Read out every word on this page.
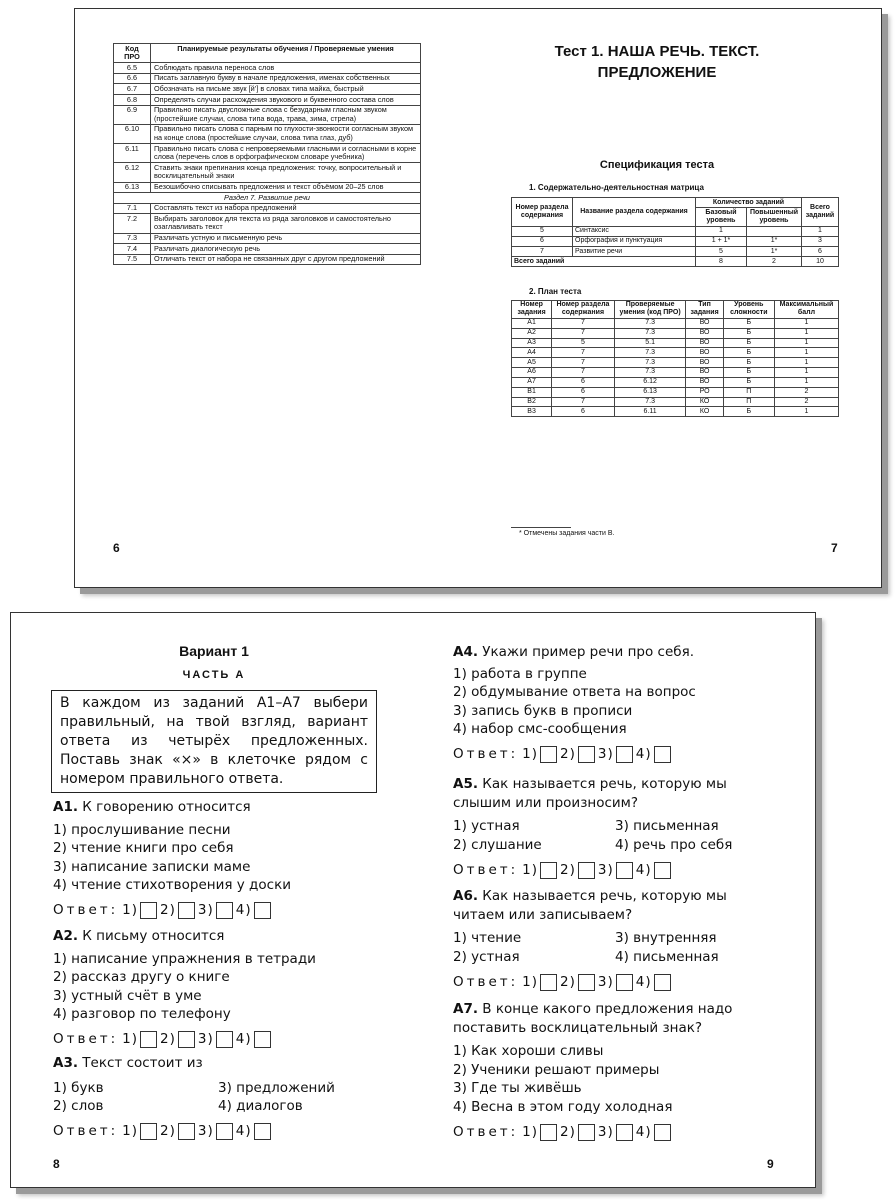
Код ПРО	Планируемые результаты обучения / Проверяемые умения
6.5	Соблюдать правила переноса слов
6.6	Писать заглавную букву в начале предложения, именах собственных
6.7	Обозначать на письме звук [й’] в словах типа майка, быстрый
6.8	Определять случаи расхождения звукового и буквенного состава слов
6.9	Правильно писать двусложные слова с безударным гласным звуком (простейшие случаи, слова типа вода, трава, зима, стрела)
6.10	Правильно писать слова с парным по глухости-звонкости согласным звуком на конце слова (простейшие случаи, слова типа глаз, дуб)
6.11	Правильно писать слова с непроверяемыми гласными и согласными в корне слова (перечень слов в орфографическом словаре учебника)
6.12	Ставить знаки препинания конца предложения: точку, вопросительный и восклицательный знаки
6.13	Безошибочно списывать предложения и текст объёмом 20–25 слов
Раздел 7. Развитие речи	
7.1	Составлять текст из набора предложений
7.2	Выбирать заголовок для текста из ряда заголовков и самостоятельно озаглавливать текст
7.3	Различать устную и письменную речь
7.4	Различать диалогическую речь
7.5	Отличать текст от набора не связанных друг с другом предложений
6
Тест 1. НАША РЕЧЬ. ТЕКСТ.
ПРЕДЛОЖЕНИЕ
Спецификация теста
1. Содержательно-деятельностная матрица
Номер раздела содержания	Название раздела содержания	Количество заданий		Всего заданий
		Базовый уровень	Повышенный уровень	
5	Синтаксис	1		1
6	Орфография и пунктуация	1 + 1*	1*	3
7	Развитие речи	5	1*	6
Всего заданий		8	2	10
2. План теста
Номер задания	Номер раздела содержания	Проверяемые умения (код ПРО)	Тип задания	Уровень сложности	Максимальный балл
А1	7	7.3	ВО	Б	1
А2	7	7.3	ВО	Б	1
А3	5	5.1	ВО	Б	1
А4	7	7.3	ВО	Б	1
А5	7	7.3	ВО	Б	1
А6	7	7.3	ВО	Б	1
А7	6	6.12	ВО	Б	1
В1	6	6.13	РО	П	2
В2	7	7.3	КО	П	2
В3	6	6.11	КО	Б	1
* Отмечены задания части В.
7
Вариант 1
ЧАСТЬ А
В каждом из заданий А1–А7 выбери правильный, на твой взгляд, вариант ответа из четырёх предложенных. Поставь знак «×» в клеточке рядом с номером правильного ответа.
А1. К говорению относится
1) прослушивание песни
2) чтение книги про себя
3) написание записки маме
4) чтение стихотворения у доски
Ответ: 1) 2) 3) 4)
А2. К письму относится
1) написание упражнения в тетради
2) рассказ другу о книге
3) устный счёт в уме
4) разговор по телефону
Ответ: 1) 2) 3) 4)
А3. Текст состоит из
1) букв	3) предложений
2) слов	4) диалогов
Ответ: 1) 2) 3) 4)
8
А4. Укажи пример речи про себя.
1) работа в группе
2) обдумывание ответа на вопрос
3) запись букв в прописи
4) набор смс-сообщения
Ответ: 1) 2) 3) 4)
А5. Как называется речь, которую мы слышим или произносим?
1) устная	3) письменная
2) слушание	4) речь про себя
Ответ: 1) 2) 3) 4)
А6. Как называется речь, которую мы читаем или записываем?
1) чтение	3) внутренняя
2) устная	4) письменная
Ответ: 1) 2) 3) 4)
А7. В конце какого предложения надо поставить восклицательный знак?
1) Как хороши сливы
2) Ученики решают примеры
3) Где ты живёшь
4) Весна в этом году холодная
Ответ: 1) 2) 3) 4)
9
